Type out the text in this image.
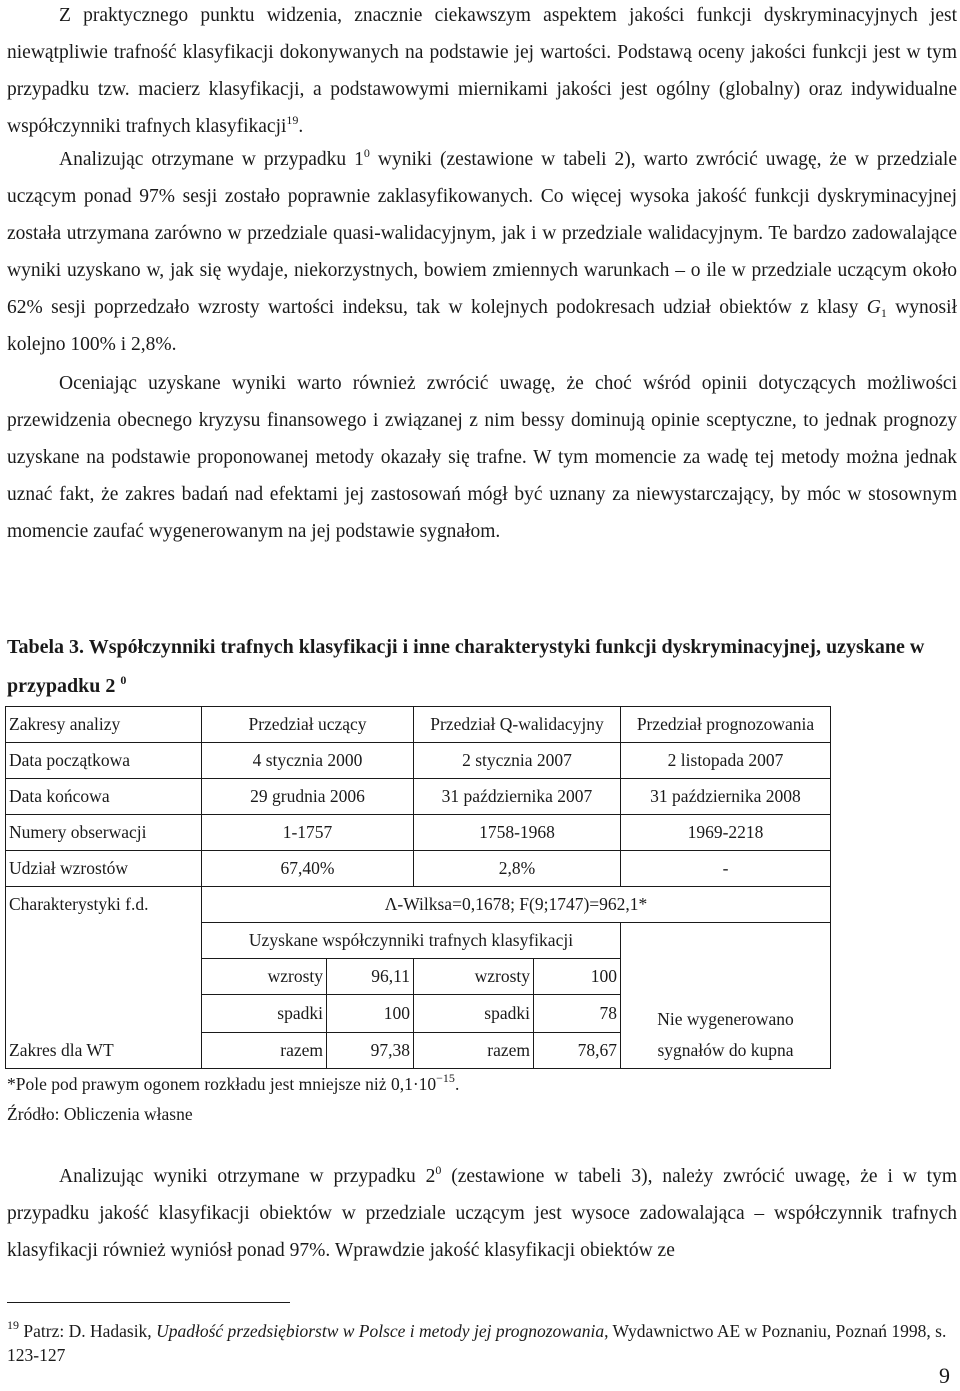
Z praktycznego punktu widzenia, znacznie ciekawszym aspektem jakości funkcji dyskryminacyjnych jest niewątpliwie trafność klasyfikacji dokonywanych na podstawie jej wartości. Podstawą oceny jakości funkcji jest w tym przypadku tzw. macierz klasyfikacji, a podstawowymi miernikami jakości jest ogólny (globalny) oraz indywidualne współczynniki trafnych klasyfikacji$^{19}$.

Analizując otrzymane w przypadku $1^0$ wyniki (zestawione w tabeli 2), warto zwrócić uwagę, że w przedziale uczącym ponad 97% sesji zostało poprawnie zaklasyfikowanych. Co więcej wysoka jakość funkcji dyskryminacyjnej została utrzymana zarówno w przedziale quasi-walidacyjnym, jak i w przedziale walidacyjnym. Te bardzo zadowalające wyniki uzyskano w, jak się wydaje, niekorzystnych, bowiem zmiennych warunkach – o ile w przedziale uczącym około 62% sesji poprzedzało wzrosty wartości indeksu, tak w kolejnych podokresach udział obiektów z klasy $G_1$ wynosił kolejno 100% i 2,8%.

Oceniając uzyskane wyniki warto również zwrócić uwagę, że choć wśród opinii dotyczących możliwości przewidzenia obecnego kryzysu finansowego i związanej z nim bessy dominują opinie sceptyczne, to jednak prognozy uzyskane na podstawie proponowanej metody okazały się trafne. W tym momencie za wadę tej metody można jednak uznać fakt, że zakres badań nad efektami jej zastosowań mógł być uznany za niewystarczający, by móc w stosownym momencie zaufać wygenerowanym na jej podstawie sygnałom.

Tabela 3. Współczynniki trafnych klasyfikacji i inne charakterystyki funkcji dyskryminacyjnej, uzyskane w przypadku 2 $^0$

Zakresy analizy	Przedział uczący		Przedział Q-walidacyjny		Przedział prognozowania
Data początkowa	4 stycznia 2000		2 stycznia 2007		2 listopada 2007
Data końcowa	29 grudnia 2006		31 października 2007		31 października 2008
Numery obserwacji	1-1757		1758-1968		1969-2218
Udział wzrostów	67,40%		2,8%		-
Charakterystyki f.d.	Λ-Wilksa=0,1678; F(9;1747)=962,1*				
	Uzyskane współczynniki trafnych klasyfikacji				
	wzrosty	96,11	wzrosty	100	
	spadki	100	spadki	78	Nie wygenerowano
Zakres dla WT	razem	97,38	razem	78,67	sygnałów do kupna

*Pole pod prawym ogonem rozkładu jest mniejsze niż $0,1\cdot 10^{-15}$.

Źródło: Obliczenia własne

Analizując wyniki otrzymane w przypadku $2^0$ (zestawione w tabeli 3), należy zwrócić uwagę, że i w tym przypadku jakość klasyfikacji obiektów w przedziale uczącym jest wysoce zadowalająca – współczynnik trafnych klasyfikacji również wyniósł ponad 97%. Wprawdzie jakość klasyfikacji obiektów ze

$^{19}$ Patrz: D. Hadasik, Upadłość przedsiębiorstw w Polsce i metody jej prognozowania, Wydawnictwo AE w Poznaniu, Poznań 1998, s. 123-127

9
